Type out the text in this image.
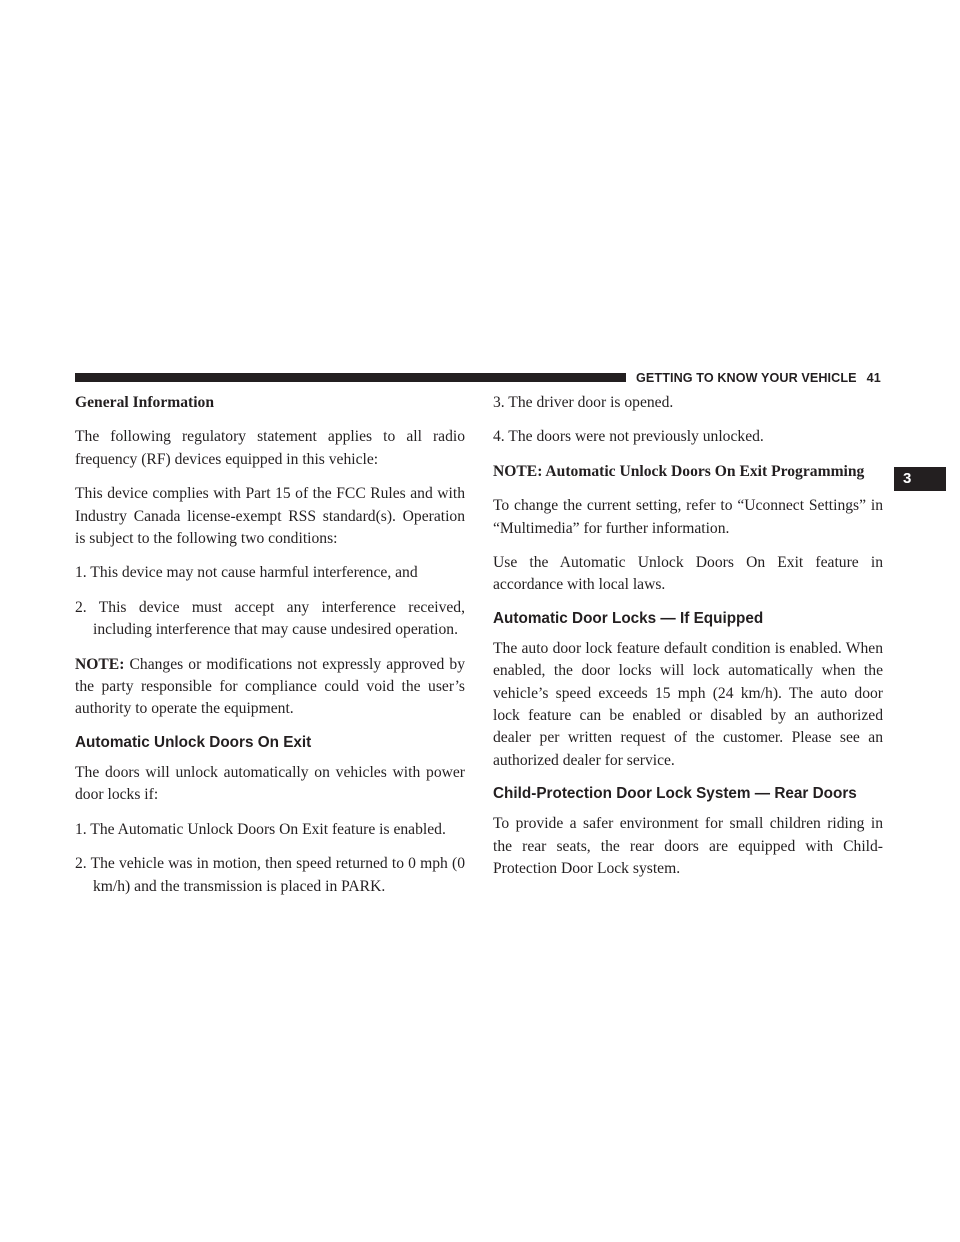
GETTING TO KNOW YOUR VEHICLE 41
3
General Information

The following regulatory statement applies to all radio frequency (RF) devices equipped in this vehicle:

This device complies with Part 15 of the FCC Rules and with Industry Canada license-exempt RSS standard(s). Operation is subject to the following two conditions:

1. This device may not cause harmful interference, and
2. This device must accept any interference received, including interference that may cause undesired operation.

NOTE: Changes or modifications not expressly approved by the party responsible for compliance could void the user’s authority to operate the equipment.

Automatic Unlock Doors On Exit

The doors will unlock automatically on vehicles with power door locks if:

1. The Automatic Unlock Doors On Exit feature is enabled.
2. The vehicle was in motion, then speed returned to 0 mph (0 km/h) and the transmission is placed in PARK.
3. The driver door is opened.
4. The doors were not previously unlocked.
NOTE: Automatic Unlock Doors On Exit Programming

To change the current setting, refer to “Uconnect Settings” in “Multimedia” for further information.

Use the Automatic Unlock Doors On Exit feature in accordance with local laws.

Automatic Door Locks — If Equipped

The auto door lock feature default condition is enabled. When enabled, the door locks will lock automatically when the vehicle’s speed exceeds 15 mph (24 km/h). The auto door lock feature can be enabled or disabled by an authorized dealer per written request of the customer. Please see an authorized dealer for service.

Child-Protection Door Lock System — Rear Doors

To provide a safer environment for small children riding in the rear seats, the rear doors are equipped with Child-Protection Door Lock system.
